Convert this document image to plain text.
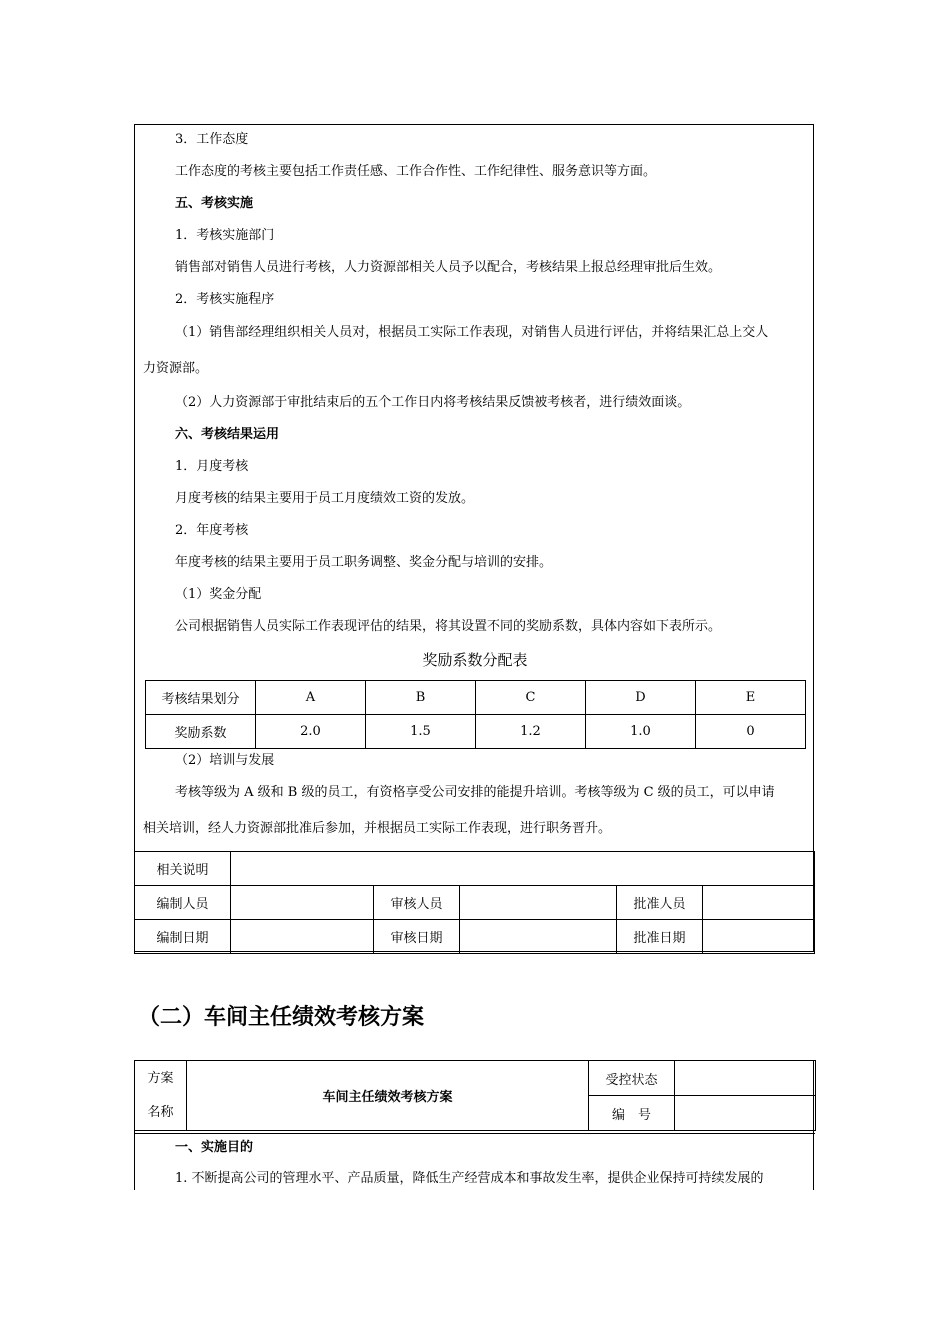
3．工作态度
工作态度的考核主要包括工作责任感、工作合作性、工作纪律性、服务意识等方面。
五、考核实施
1．考核实施部门
销售部对销售人员进行考核，人力资源部相关人员予以配合，考核结果上报总经理审批后生效。
2．考核实施程序
（1）销售部经理组织相关人员对，根据员工实际工作表现，对销售人员进行评估，并将结果汇总上交人
力资源部。
（2）人力资源部于审批结束后的五个工作日内将考核结果反馈被考核者，进行绩效面谈。
六、考核结果运用
1．月度考核
月度考核的结果主要用于员工月度绩效工资的发放。
2．年度考核
年度考核的结果主要用于员工职务调整、奖金分配与培训的安排。
（1）奖金分配
公司根据销售人员实际工作表现评估的结果，将其设置不同的奖励系数，具体内容如下表所示。
奖励系数分配表
考核结果划分	A	B	C	D	E
奖励系数	2.0	1.5	1.2	1.0	0
（2）培训与发展
考核等级为 A 级和 B 级的员工，有资格享受公司安排的能提升培训。考核等级为 C 级的员工，可以申请
相关培训，经人力资源部批准后参加，并根据员工实际工作表现，进行职务晋升。
相关说明					
编制人员		审核人员		批准人员	
编制日期		审核日期		批准日期	
（二）车间主任绩效考核方案
方案
名称	车间主任绩效考核方案	受控状态	
		编　号	
一、实施目的
1. 不断提高公司的管理水平、产品质量，降低生产经营成本和事故发生率，提供企业保持可持续发展的
